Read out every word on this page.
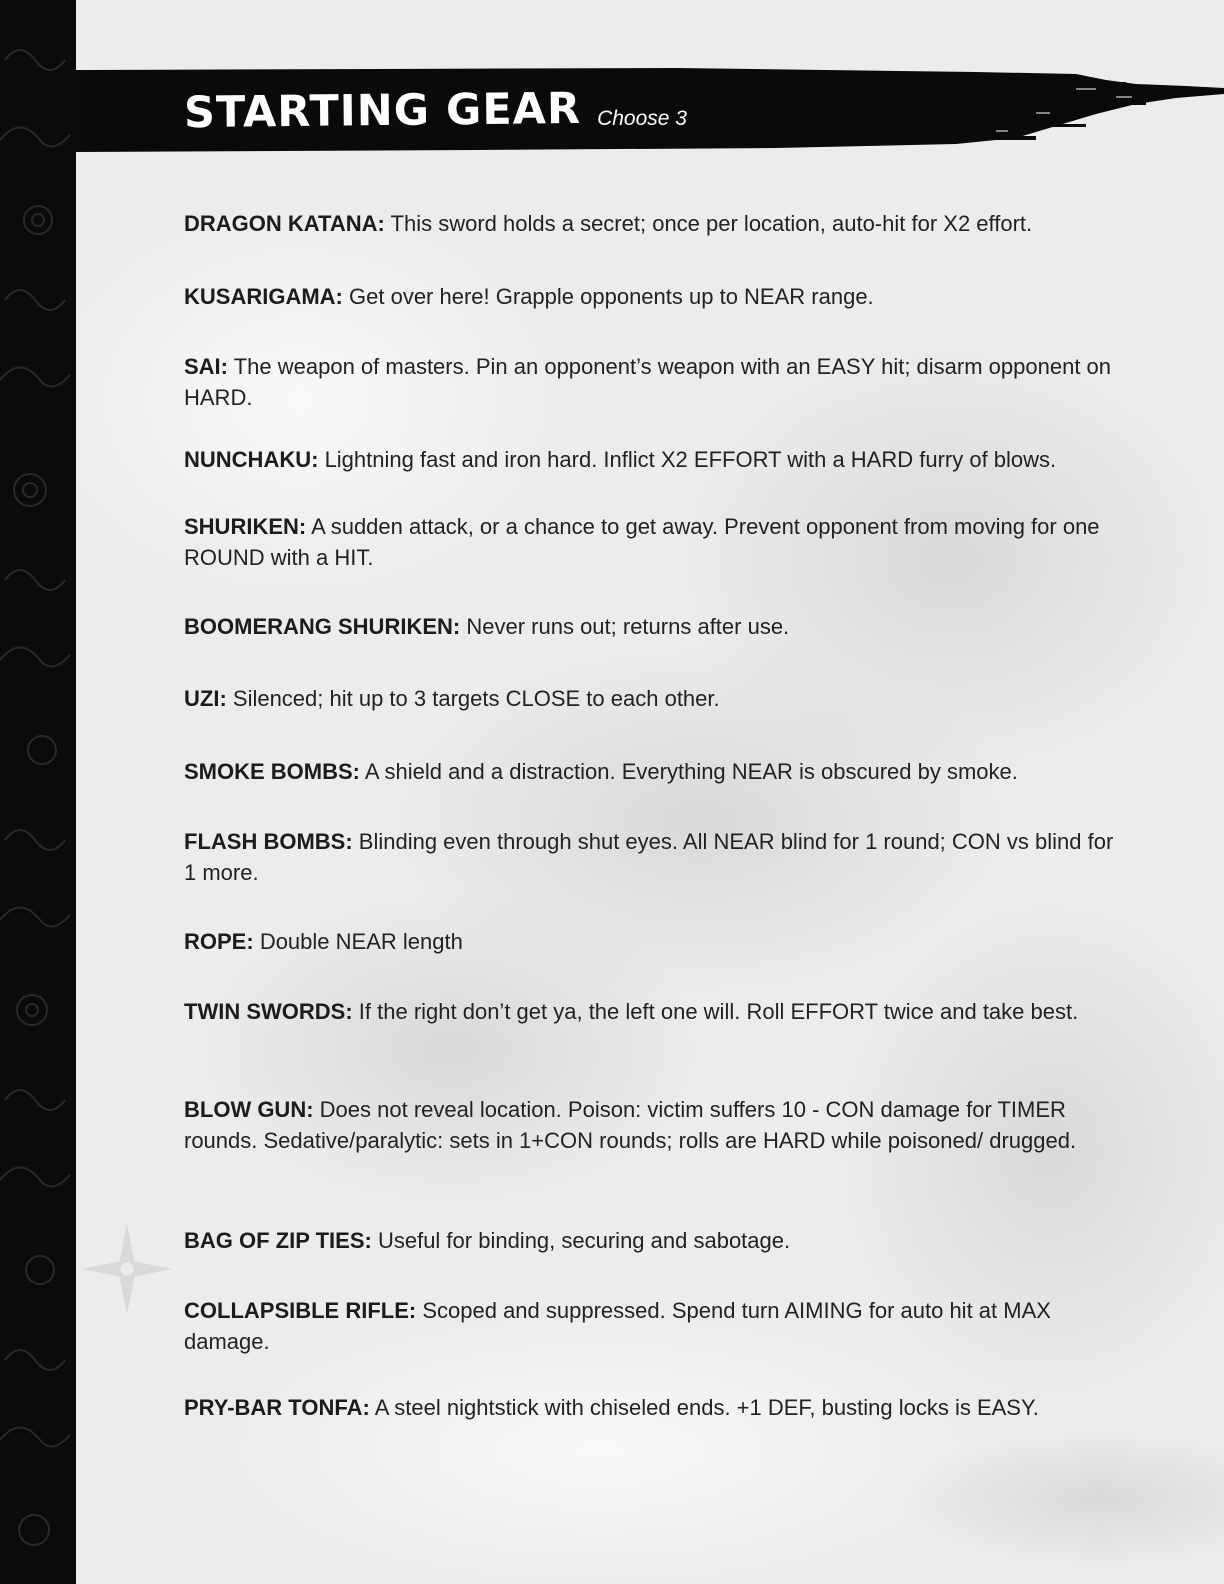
STARTING GEAR Choose 3
DRAGON KATANA: This sword holds a secret; once per location, auto-hit for X2 effort.
KUSARIGAMA: Get over here! Grapple opponents up to NEAR range.
SAI: The weapon of masters. Pin an opponent’s weapon with an EASY hit; disarm opponent on HARD.
NUNCHAKU: Lightning fast and iron hard. Inflict X2 EFFORT with a HARD furry of blows.
SHURIKEN: A sudden attack, or a chance to get away. Prevent opponent from moving for one ROUND with a HIT.
BOOMERANG SHURIKEN: Never runs out; returns after use.
UZI: Silenced; hit up to 3 targets CLOSE to each other.
SMOKE BOMBS: A shield and a distraction. Everything NEAR is obscured by smoke.
FLASH BOMBS: Blinding even through shut eyes. All NEAR blind for 1 round; CON vs blind for 1 more.
ROPE: Double NEAR length
TWIN SWORDS: If the right don’t get ya, the left one will. Roll EFFORT twice and take best.
BLOW GUN: Does not reveal location. Poison: victim suffers 10 - CON damage for TIMER rounds. Sedative/paralytic: sets in 1+CON rounds; rolls are HARD while poisoned/ drugged.
BAG OF ZIP TIES: Useful for binding, securing and sabotage.
COLLAPSIBLE RIFLE: Scoped and suppressed. Spend turn AIMING for auto hit at MAX damage.
PRY-BAR TONFA: A steel nightstick with chiseled ends. +1 DEF, busting locks is EASY.
